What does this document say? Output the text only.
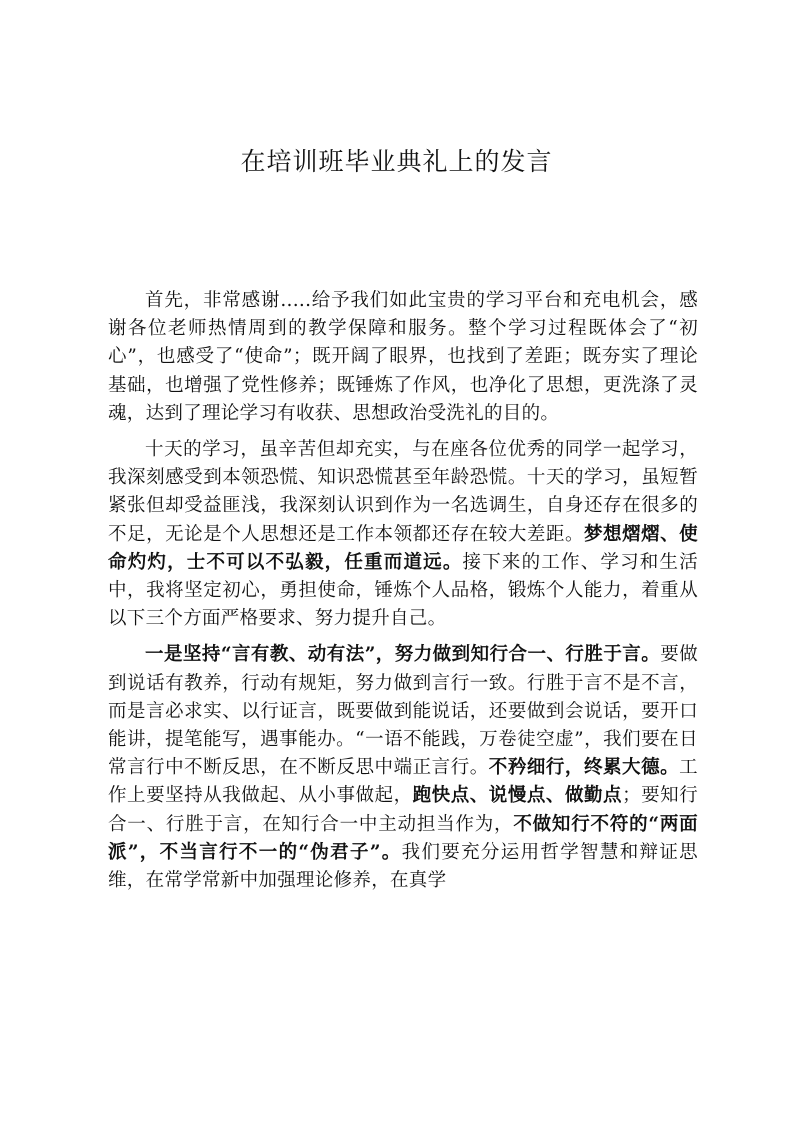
在培训班毕业典礼上的发言

首先，非常感谢.....给予我们如此宝贵的学习平台和充电机会，感谢各位老师热情周到的教学保障和服务。整个学习过程既体会了“初心”，也感受了“使命”；既开阔了眼界，也找到了差距；既夯实了理论基础，也增强了党性修养；既锤炼了作风，也净化了思想，更洗涤了灵魂，达到了理论学习有收获、思想政治受洗礼的目的。

十天的学习，虽辛苦但却充实，与在座各位优秀的同学一起学习，我深刻感受到本领恐慌、知识恐慌甚至年龄恐慌。十天的学习，虽短暂紧张但却受益匪浅，我深刻认识到作为一名选调生，自身还存在很多的不足，无论是个人思想还是工作本领都还存在较大差距。梦想熠熠、使命灼灼，士不可以不弘毅，任重而道远。接下来的工作、学习和生活中，我将坚定初心，勇担使命，锤炼个人品格，锻炼个人能力，着重从以下三个方面严格要求、努力提升自己。

一是坚持“言有教、动有法”，努力做到知行合一、行胜于言。要做到说话有教养，行动有规矩，努力做到言行一致。行胜于言不是不言，而是言必求实、以行证言，既要做到能说话，还要做到会说话，要开口能讲，提笔能写，遇事能办。“一语不能践，万卷徒空虚”，我们要在日常言行中不断反思，在不断反思中端正言行。不矜细行，终累大德。工作上要坚持从我做起、从小事做起，跑快点、说慢点、做勤点；要知行合一、行胜于言，在知行合一中主动担当作为，不做知行不符的“两面派”，不当言行不一的“伪君子”。我们要充分运用哲学智慧和辩证思维，在常学常新中加强理论修养，在真学
